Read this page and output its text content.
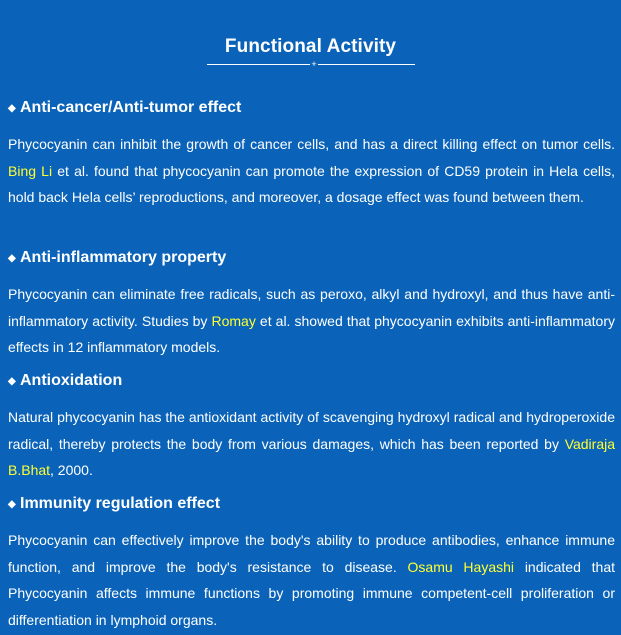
Functional Activity
+
◆ Anti-cancer/Anti-tumor effect
Phycocyanin can inhibit the growth of cancer cells, and has a direct killing effect on tumor cells. Bing Li et al. found that phycocyanin can promote the expression of CD59 protein in Hela cells, hold back Hela cells’ reproductions, and moreover, a dosage effect was found between them.
◆ Anti-inflammatory property
Phycocyanin can eliminate free radicals, such as peroxo, alkyl and hydroxyl, and thus have anti-inflammatory activity. Studies by Romay et al. showed that phycocyanin exhibits anti-inflammatory effects in 12 inflammatory models.
◆ Antioxidation
Natural phycocyanin has the antioxidant activity of scavenging hydroxyl radical and hydroperoxide radical, thereby protects the body from various damages, which has been reported by Vadiraja B.Bhat, 2000.
◆ Immunity regulation effect
Phycocyanin can effectively improve the body's ability to produce antibodies, enhance immune function, and improve the body's resistance to disease. Osamu Hayashi indicated that Phycocyanin affects immune functions by promoting immune competent-cell proliferation or differentiation in lymphoid organs.
